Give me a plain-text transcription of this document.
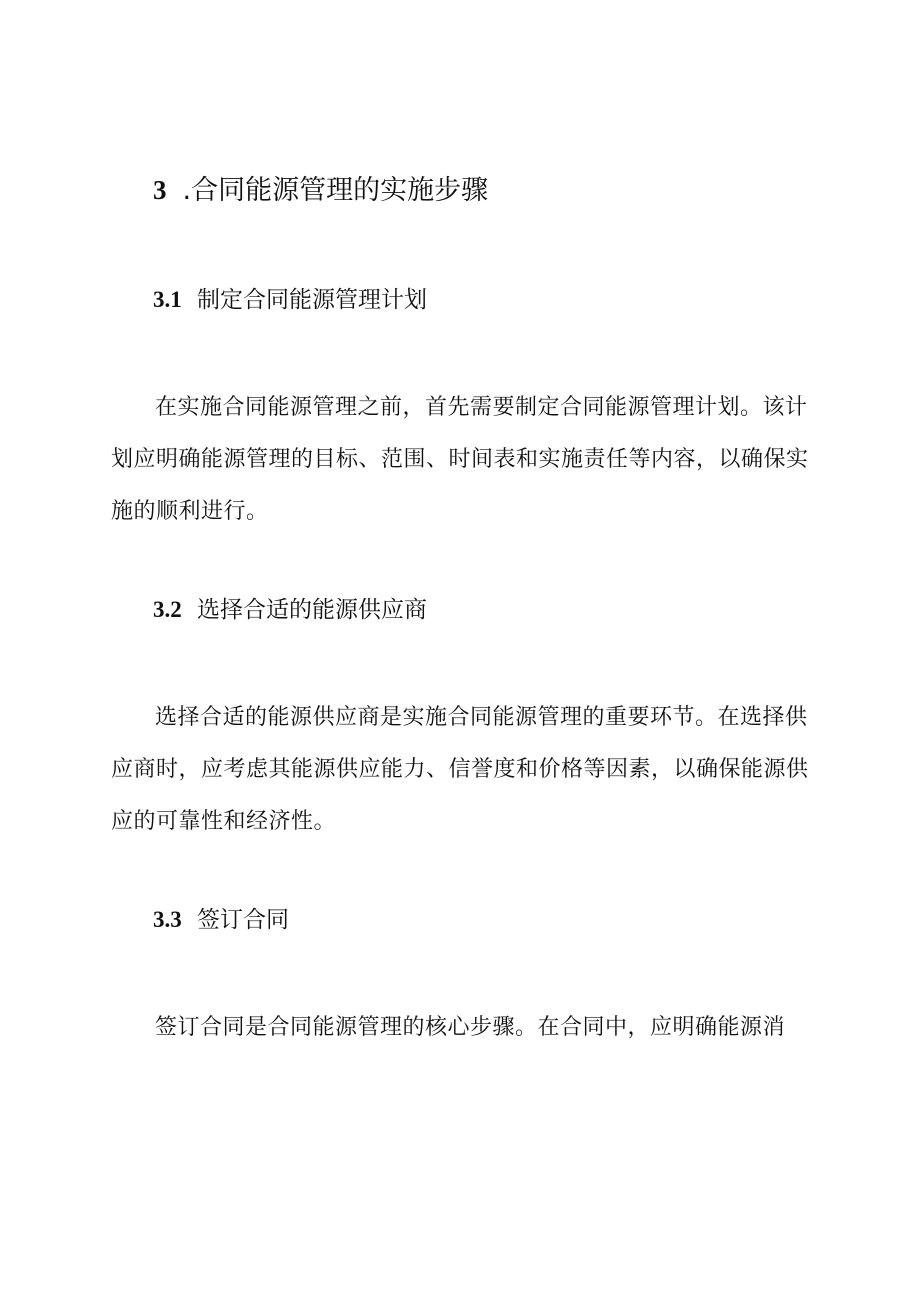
3 .合同能源管理的实施步骤
3.1 制定合同能源管理计划

在实施合同能源管理之前，首先需要制定合同能源管理计划。该计划应明确能源管理的目标、范围、时间表和实施责任等内容，以确保实施的顺利进行。

3.2 选择合适的能源供应商

选择合适的能源供应商是实施合同能源管理的重要环节。在选择供应商时，应考虑其能源供应能力、信誉度和价格等因素，以确保能源供应的可靠性和经济性。

3.3 签订合同

签订合同是合同能源管理的核心步骤。在合同中，应明确能源消
